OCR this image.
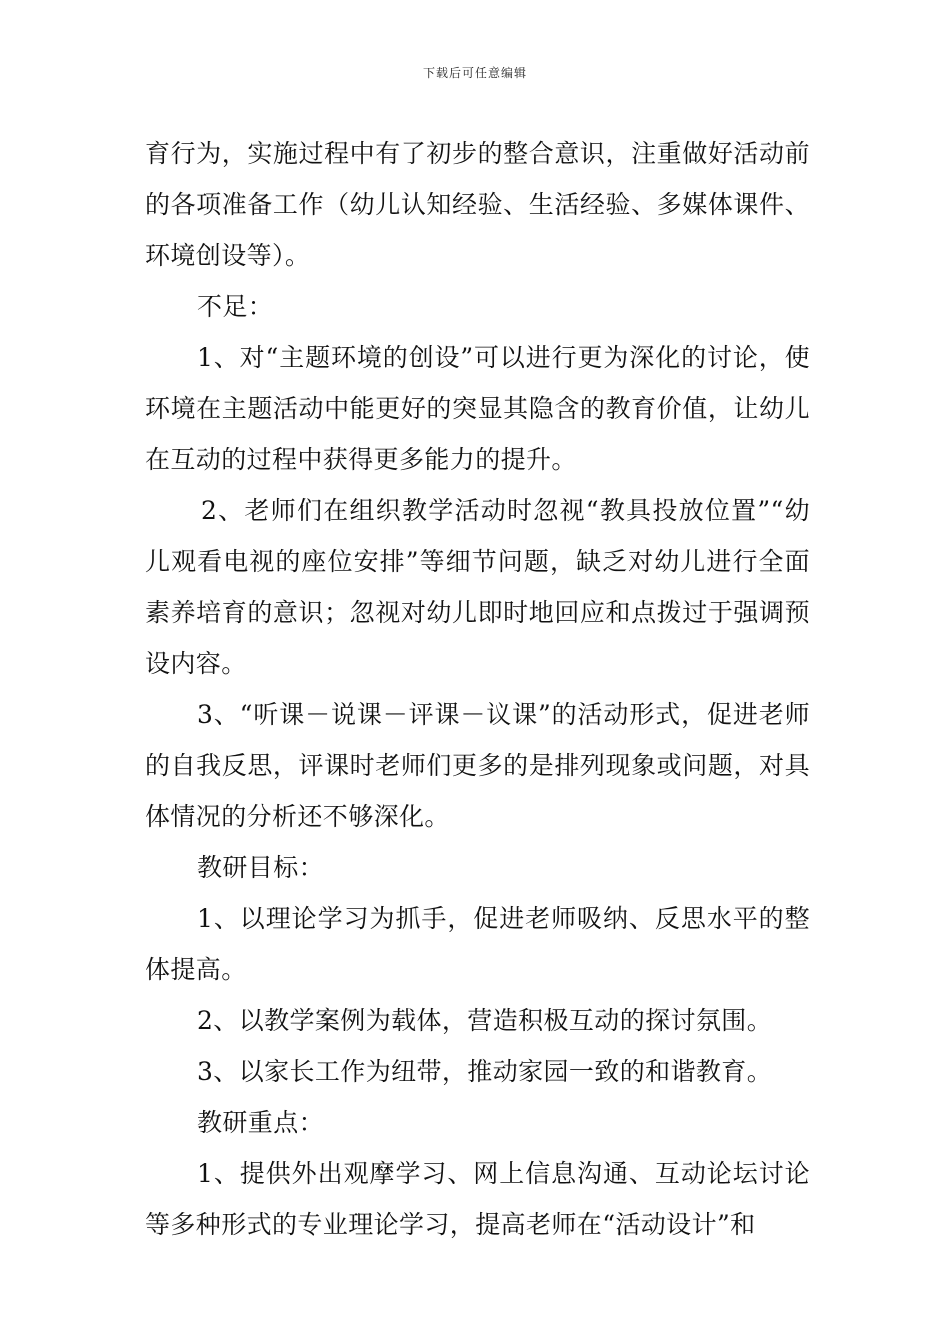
下载后可任意编辑

育行为，实施过程中有了初步的整合意识，注重做好活动前的各项准备工作（幼儿认知经验、生活经验、多媒体课件、环境创设等）。

不足：

1、对“主题环境的创设”可以进行更为深化的讨论，使环境在主题活动中能更好的突显其隐含的教育价值，让幼儿在互动的过程中获得更多能力的提升。

2、老师们在组织教学活动时忽视“教具投放位置”“幼儿观看电视的座位安排”等细节问题，缺乏对幼儿进行全面素养培育的意识；忽视对幼儿即时地回应和点拨过于强调预设内容。

3、“听课－说课－评课－议课”的活动形式，促进老师的自我反思，评课时老师们更多的是排列现象或问题，对具体情况的分析还不够深化。

教研目标：

1、以理论学习为抓手，促进老师吸纳、反思水平的整体提高。

2、以教学案例为载体，营造积极互动的探讨氛围。

3、以家长工作为纽带，推动家园一致的和谐教育。

教研重点：

1、提供外出观摩学习、网上信息沟通、互动论坛讨论等多种形式的专业理论学习，提高老师在“活动设计”和
